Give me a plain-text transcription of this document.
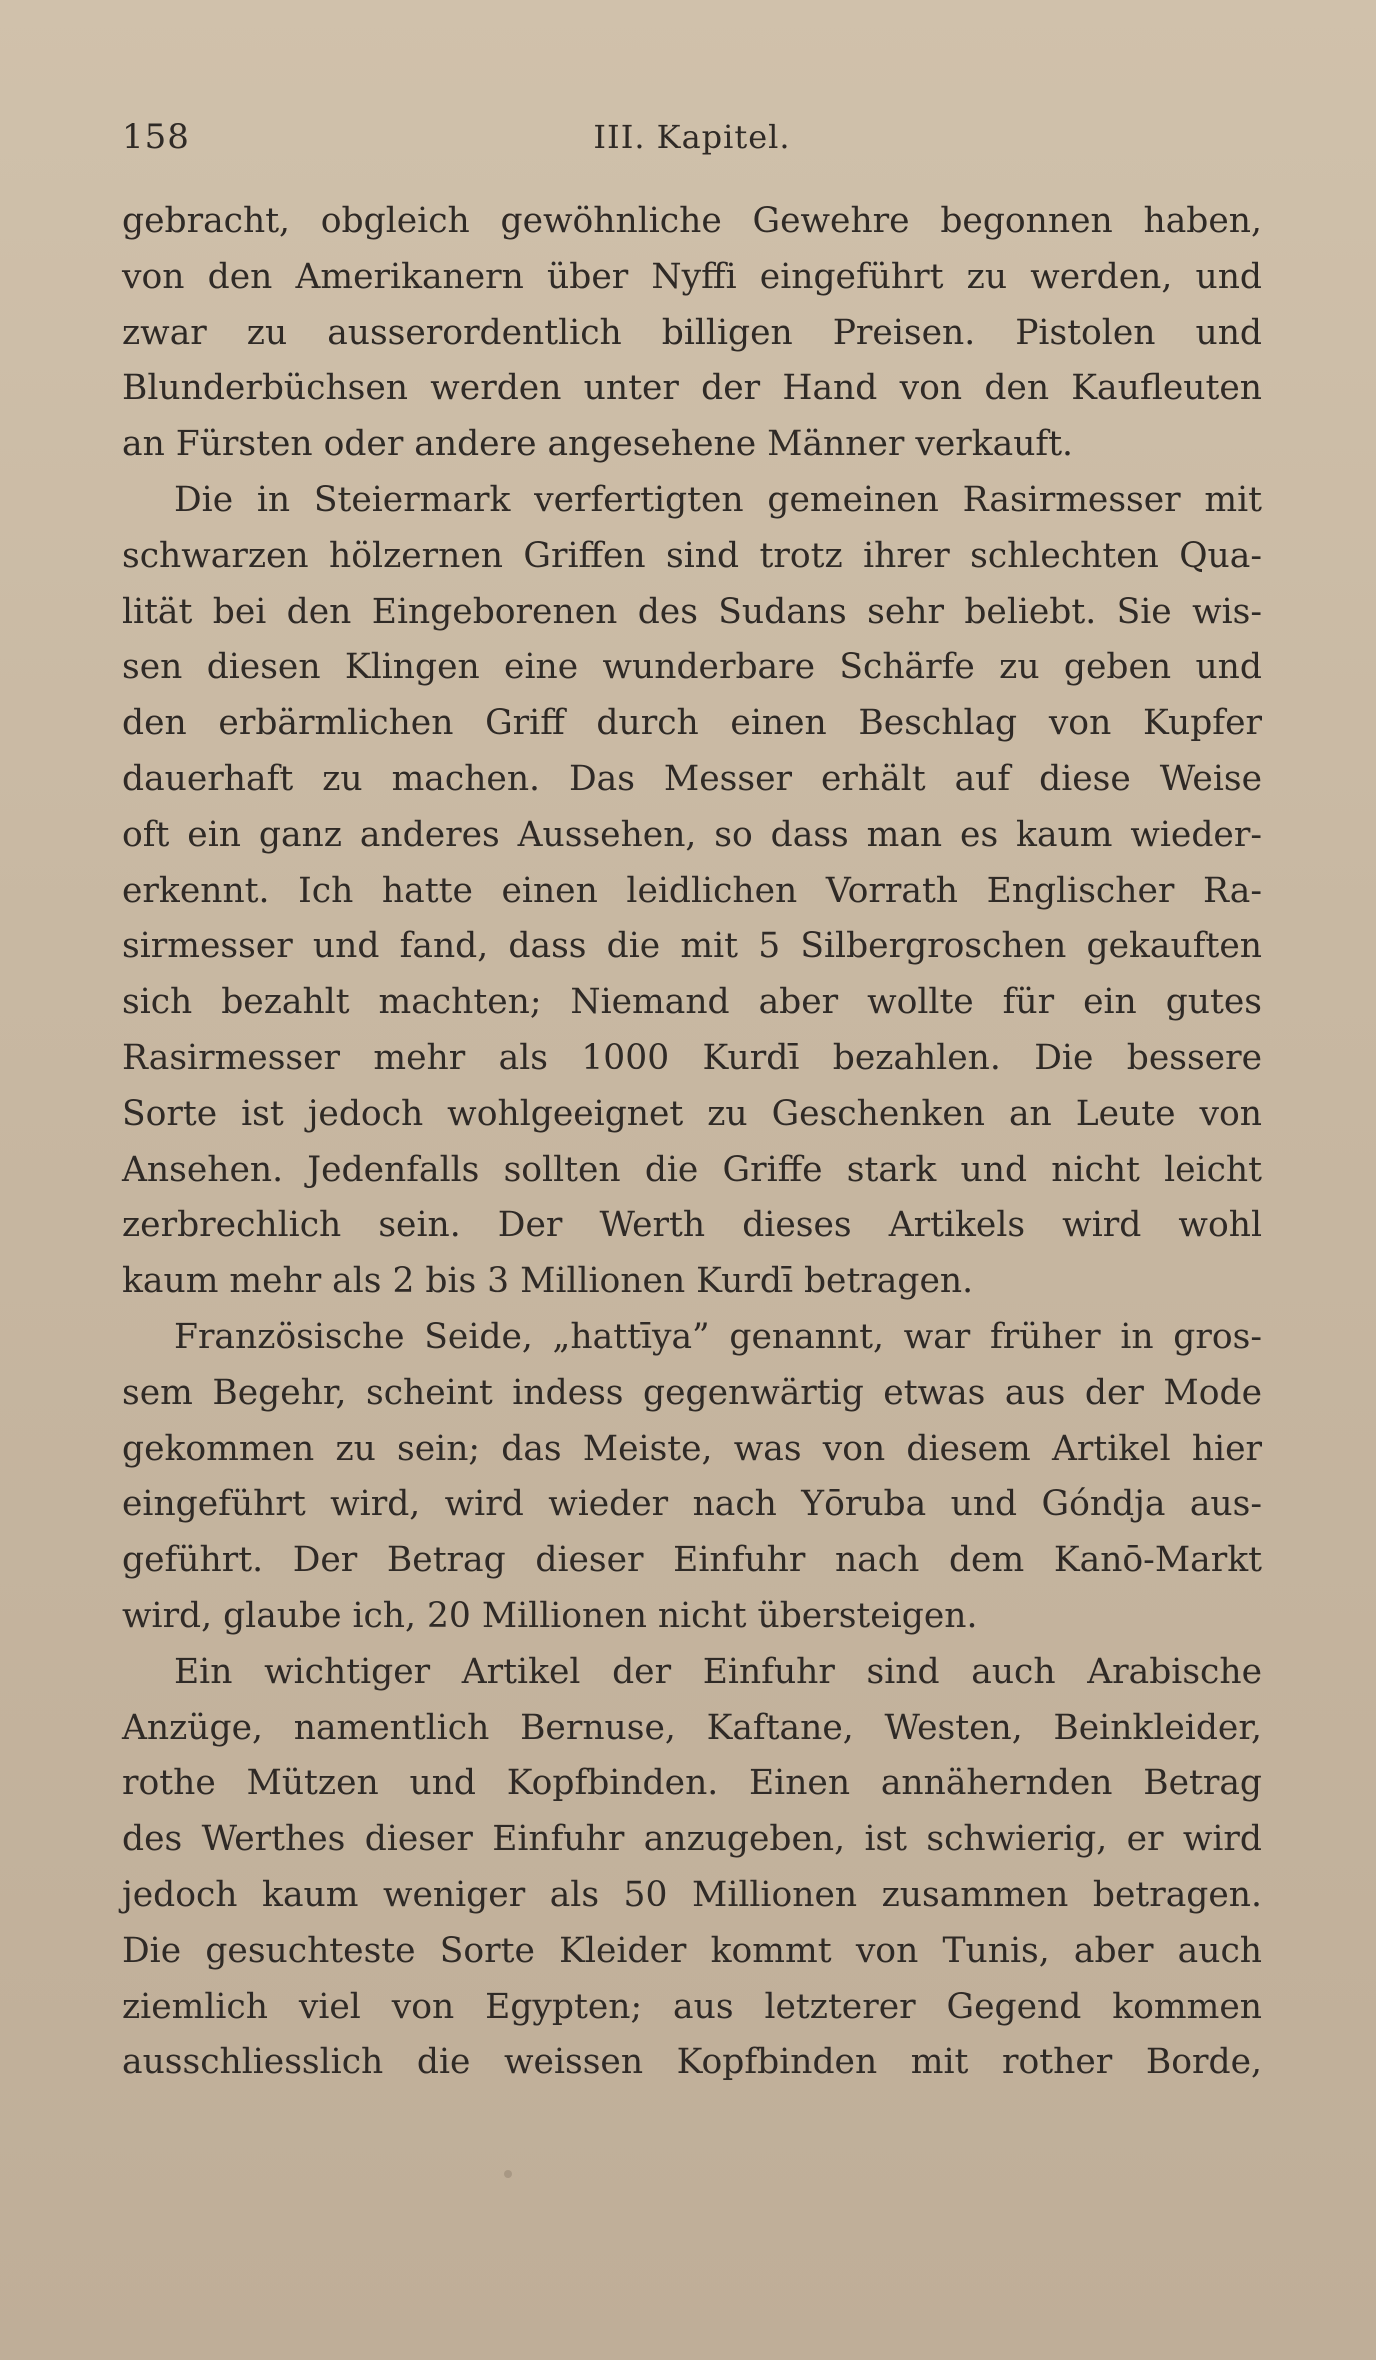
158	III. Kapitel.
gebracht, obgleich gewöhnliche Gewehre begonnen haben,
von den Amerikanern über Nyffi eingeführt zu werden, und
zwar zu ausserordentlich billigen Preisen. Pistolen und
Blunderbüchsen werden unter der Hand von den Kaufleuten
an Fürsten oder andere angesehene Männer verkauft.
Die in Steiermark verfertigten gemeinen Rasirmesser mit
schwarzen hölzernen Griffen sind trotz ihrer schlechten Qua-
lität bei den Eingeborenen des Sudans sehr beliebt. Sie wis-
sen diesen Klingen eine wunderbare Schärfe zu geben und
den erbärmlichen Griff durch einen Beschlag von Kupfer
dauerhaft zu machen. Das Messer erhält auf diese Weise
oft ein ganz anderes Aussehen, so dass man es kaum wieder-
erkennt. Ich hatte einen leidlichen Vorrath Englischer Ra-
sirmesser und fand, dass die mit 5 Silbergroschen gekauften
sich bezahlt machten; Niemand aber wollte für ein gutes
Rasirmesser mehr als 1000 Kurdī bezahlen. Die bessere
Sorte ist jedoch wohlgeeignet zu Geschenken an Leute von
Ansehen. Jedenfalls sollten die Griffe stark und nicht leicht
zerbrechlich sein. Der Werth dieses Artikels wird wohl
kaum mehr als 2 bis 3 Millionen Kurdī betragen.
Französische Seide, „hattīya” genannt, war früher in gros-
sem Begehr, scheint indess gegenwärtig etwas aus der Mode
gekommen zu sein; das Meiste, was von diesem Artikel hier
eingeführt wird, wird wieder nach Yōruba und Góndja aus-
geführt. Der Betrag dieser Einfuhr nach dem Kanō-Markt
wird, glaube ich, 20 Millionen nicht übersteigen.
Ein wichtiger Artikel der Einfuhr sind auch Arabische
Anzüge, namentlich Bernuse, Kaftane, Westen, Beinkleider,
rothe Mützen und Kopfbinden. Einen annähernden Betrag
des Werthes dieser Einfuhr anzugeben, ist schwierig, er wird
jedoch kaum weniger als 50 Millionen zusammen betragen.
Die gesuchteste Sorte Kleider kommt von Tunis, aber auch
ziemlich viel von Egypten; aus letzterer Gegend kommen
ausschliesslich die weissen Kopfbinden mit rother Borde,
